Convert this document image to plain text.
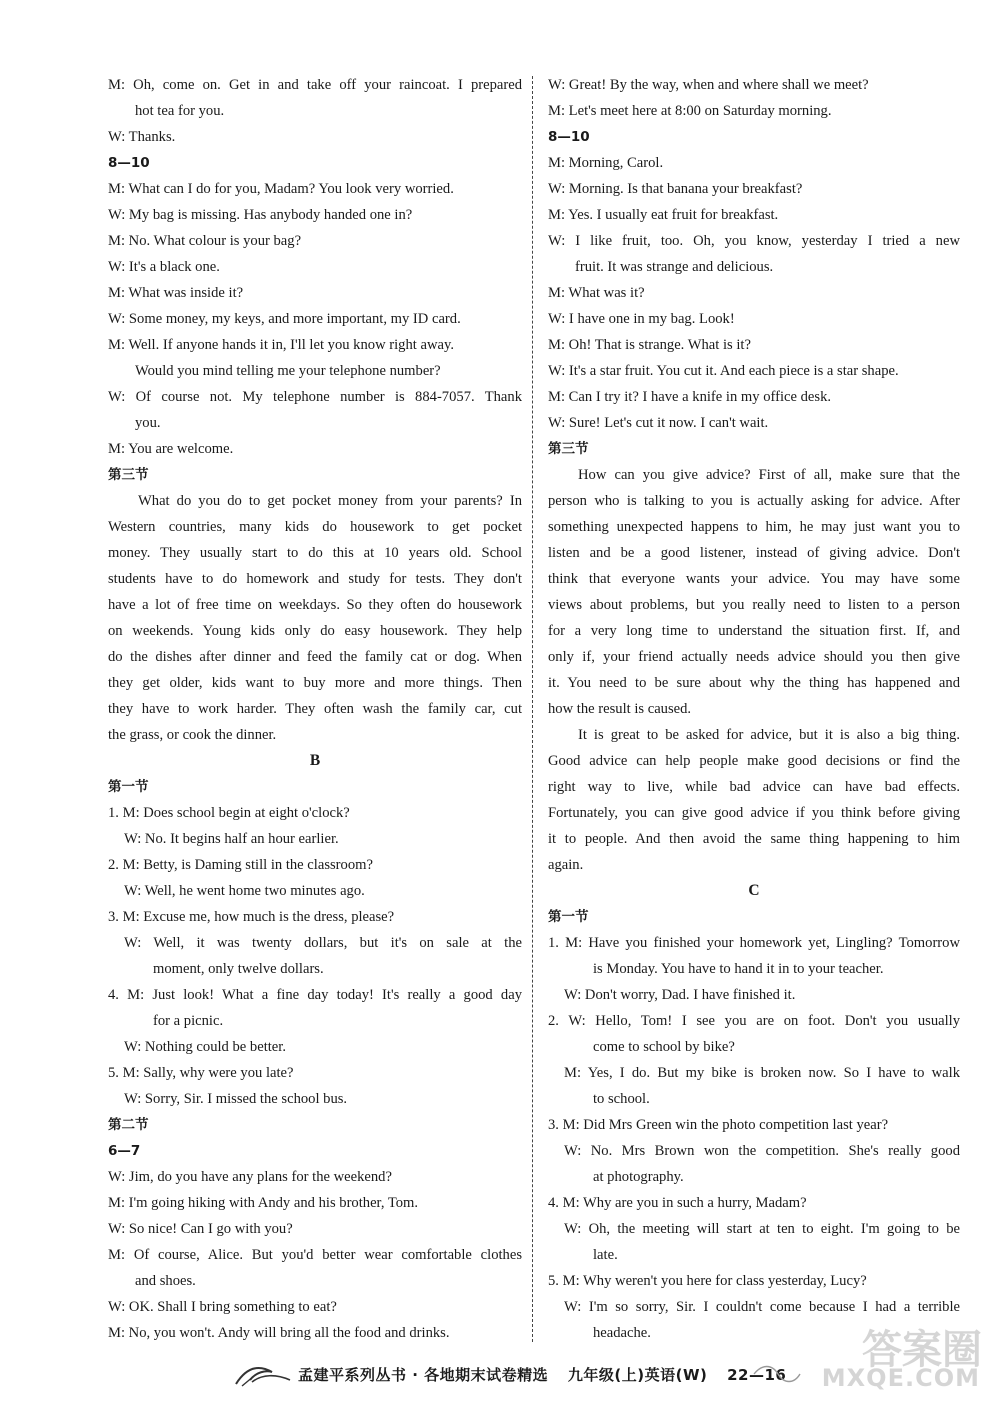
M: Oh, come on. Get in and take off your raincoat. I prepared
hot tea for you.
W: Thanks.
8—10
M: What can I do for you, Madam? You look very worried.
W: My bag is missing. Has anybody handed one in?
M: No. What colour is your bag?
W: It's a black one.
M: What was inside it?
W: Some money, my keys, and more important, my ID card.
M: Well. If anyone hands it in, I'll let you know right away.
Would you mind telling me your telephone number?
W: Of course not. My telephone number is 884-7057. Thank
you.
M: You are welcome.
第三节
What do you do to get pocket money from your parents? In
Western countries, many kids do housework to get pocket
money. They usually start to do this at 10 years old. School
students have to do homework and study for tests. They don't
have a lot of free time on weekdays. So they often do housework
on weekends. Young kids only do easy housework. They help
do the dishes after dinner and feed the family cat or dog. When
they get older, kids want to buy more and more things. Then
they have to work harder. They often wash the family car, cut
the grass, or cook the dinner.
B
第一节
1. M: Does school begin at eight o'clock?
W: No. It begins half an hour earlier.
2. M: Betty, is Daming still in the classroom?
W: Well, he went home two minutes ago.
3. M: Excuse me, how much is the dress, please?
W: Well, it was twenty dollars, but it's on sale at the
moment, only twelve dollars.
4. M: Just look! What a fine day today! It's really a good day
for a picnic.
W: Nothing could be better.
5. M: Sally, why were you late?
W: Sorry, Sir. I missed the school bus.
第二节
6—7
W: Jim, do you have any plans for the weekend?
M: I'm going hiking with Andy and his brother, Tom.
W: So nice! Can I go with you?
M: Of course, Alice. But you'd better wear comfortable clothes
and shoes.
W: OK. Shall I bring something to eat?
M: No, you won't. Andy will bring all the food and drinks.
W: Great! By the way, when and where shall we meet?
M: Let's meet here at 8:00 on Saturday morning.
8—10
M: Morning, Carol.
W: Morning. Is that banana your breakfast?
M: Yes. I usually eat fruit for breakfast.
W: I like fruit, too. Oh, you know, yesterday I tried a new
fruit. It was strange and delicious.
M: What was it?
W: I have one in my bag. Look!
M: Oh! That is strange. What is it?
W: It's a star fruit. You cut it. And each piece is a star shape.
M: Can I try it? I have a knife in my office desk.
W: Sure! Let's cut it now. I can't wait.
第三节
How can you give advice? First of all, make sure that the
person who is talking to you is actually asking for advice. After
something unexpected happens to him, he may just want you to
listen and be a good listener, instead of giving advice. Don't
think that everyone wants your advice. You may have some
views about problems, but you really need to listen to a person
for a very long time to understand the situation first. If, and
only if, your friend actually needs advice should you then give
it. You need to be sure about why the thing has happened and
how the result is caused.
It is great to be asked for advice, but it is also a big thing.
Good advice can help people make good decisions or find the
right way to live, while bad advice can have bad effects.
Fortunately, you can give good advice if you think before giving
it to people. And then avoid the same thing happening to him
again.
C
第一节
1. M: Have you finished your homework yet, Lingling? Tomorrow
is Monday. You have to hand it in to your teacher.
W: Don't worry, Dad. I have finished it.
2. W: Hello, Tom! I see you are on foot. Don't you usually
come to school by bike?
M: Yes, I do. But my bike is broken now. So I have to walk
to school.
3. M: Did Mrs Green win the photo competition last year?
W: No. Mrs Brown won the competition. She's really good
at photography.
4. M: Why are you in such a hurry, Madam?
W: Oh, the meeting will start at ten to eight. I'm going to be
late.
5. M: Why weren't you here for class yesterday, Lucy?
W: I'm so sorry, Sir. I couldn't come because I had a terrible
headache.
孟建平系列丛书 · 各地期末试卷精选 九年级(上)英语(W) 22—16
答案圈
MXQE.COM
